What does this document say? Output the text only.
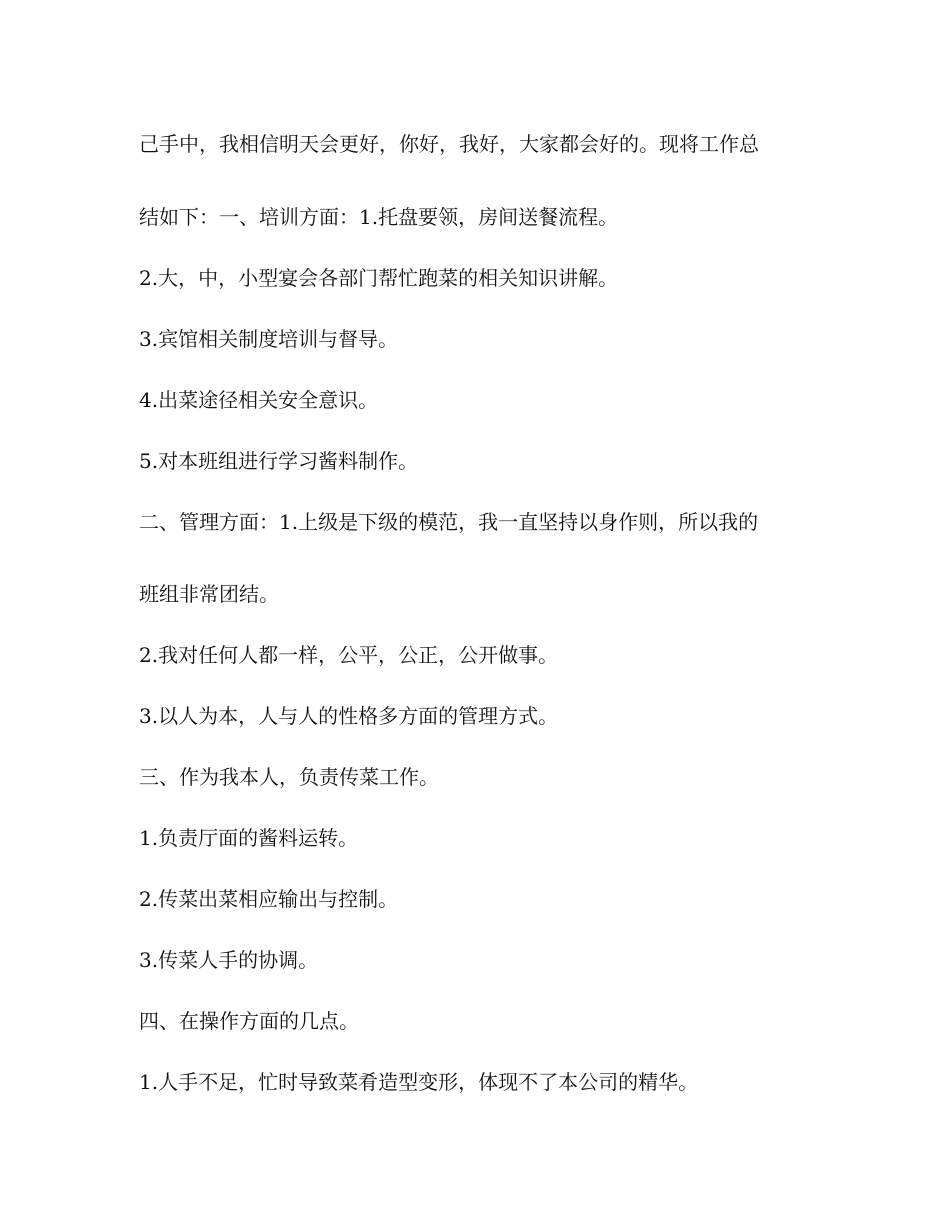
己手中，我相信明天会更好，你好，我好，大家都会好的。现将工作总
结如下：一、培训方面：1.托盘要领，房间送餐流程。
2.大，中，小型宴会各部门帮忙跑菜的相关知识讲解。
3.宾馆相关制度培训与督导。
4.出菜途径相关安全意识。
5.对本班组进行学习酱料制作。
二、管理方面：1.上级是下级的模范，我一直坚持以身作则，所以我的
班组非常团结。
2.我对任何人都一样，公平，公正，公开做事。
3.以人为本，人与人的性格多方面的管理方式。
三、作为我本人，负责传菜工作。
1.负责厅面的酱料运转。
2.传菜出菜相应输出与控制。
3.传菜人手的协调。
四、在操作方面的几点。
1.人手不足，忙时导致菜肴造型变形，体现不了本公司的精华。
